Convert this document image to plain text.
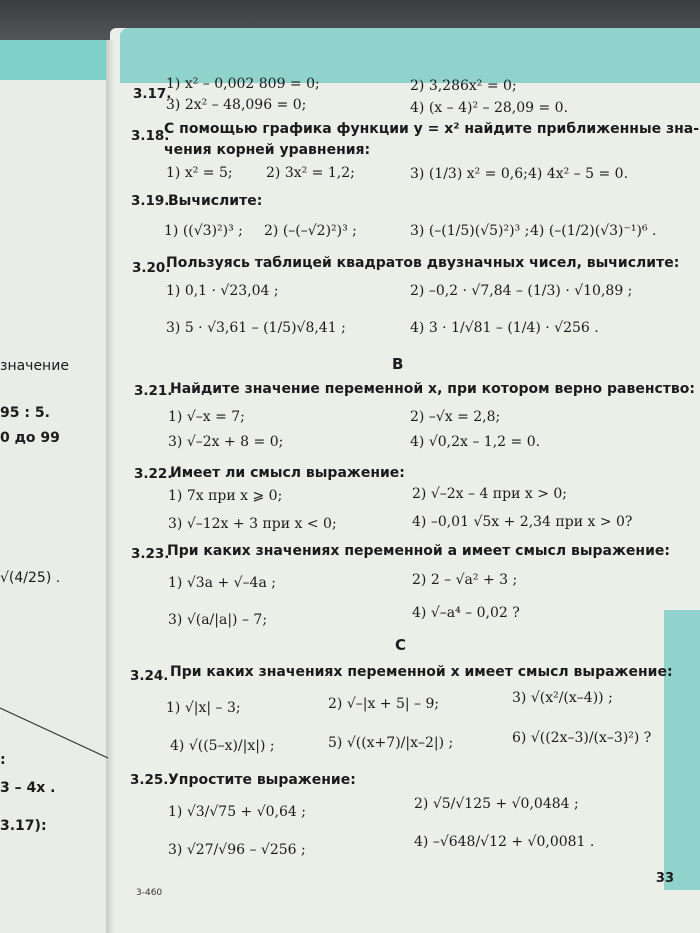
значение
95 : 5.
0 до 99
√(4/25) .
:
3 – 4x .
3.17):
3.17.
1) x² – 0,002 809 = 0;	2) 3,286x² = 0;
3) 2x² – 48,096 = 0;	4) (x – 4)² – 28,09 = 0.
3.18.
С помощью графика функции y = x² найдите приближенные зна-
чения корней уравнения:
1) x² = 5; 2) 3x² = 1,2;	3) (1/3) x² = 0,6; 4) 4x² – 5 = 0.
3.19.
Вычислите:
1) ((√3)²)³ ; 2) (–(–√2)²)³ ;	3) (–(1/5)(√5)²)³ ; 4) (–(1/2)(√3)⁻¹)⁶ .
3.20.
Пользуясь таблицей квадратов двузначных чисел, вычислите:
1) 0,1 · √23,04 ;	2) –0,2 · √7,84 – (1/3) · √10,89 ;
3) 5 · √3,61 – (1/5)√8,41 ;	4) 3 · 1/√81 – (1/4) · √256 .
В
3.21.
Найдите значение переменной x, при котором верно равенство:
1) √–x = 7;	2) –√x = 2,8;
3) √–2x + 8 = 0;	4) √0,2x – 1,2 = 0.
3.22.
Имеет ли смысл выражение:
1) 7x при x ⩾ 0;	2) √–2x – 4 при x > 0;
3) √–12x + 3 при x < 0;	4) –0,01 √5x + 2,34 при x > 0?
3.23.
При каких значениях переменной a имеет смысл выражение:
1) √3a + √–4a ;	2) 2 – √a² + 3 ;
3) √(a/|a|) – 7;	4) √–a⁴ – 0,02 ?
С
3.24. При каких значениях переменной x имеет смысл выражение:
1) √|x| – 3;	2) √–|x + 5| – 9;	3) √(x²/(x–4)) ;
4) √((5–x)/|x|) ;	5) √((x+7)/|x–2|) ;	6) √((2x–3)/(x–3)²) ?
3.25. Упростите выражение:
1) √3/√75 + √0,64 ;	2) √5/√125 + √0,0484 ;
3) √27/√96 – √256 ;	4) –√648/√12 + √0,0081 .
3-460
33
